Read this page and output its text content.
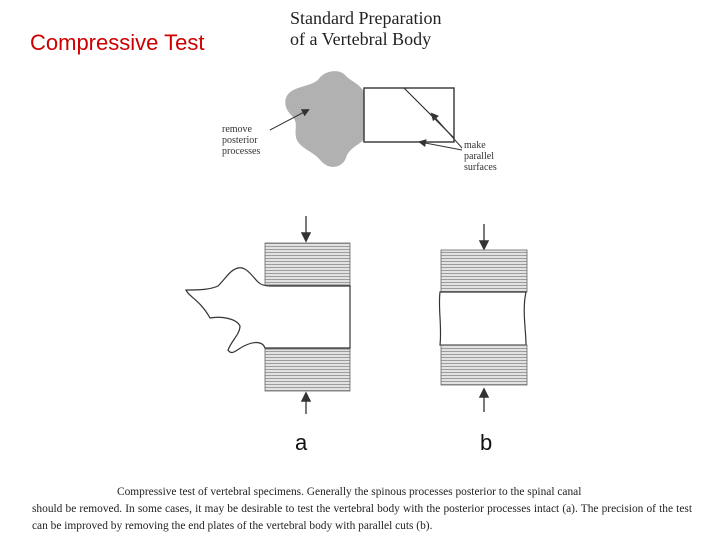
Compressive Test
Standard Preparation
of a Vertebral Body
remove
posterior
processes
make
parallel
surfaces
a	b
Compressive test of vertebral specimens. Generally the spinous processes posterior to the spinal canal
should be removed. In some cases, it may be desirable to test the vertebral body with the posterior processes intact (a). The precision of the test can be improved by removing the end plates of the vertebral body with parallel cuts (b).
